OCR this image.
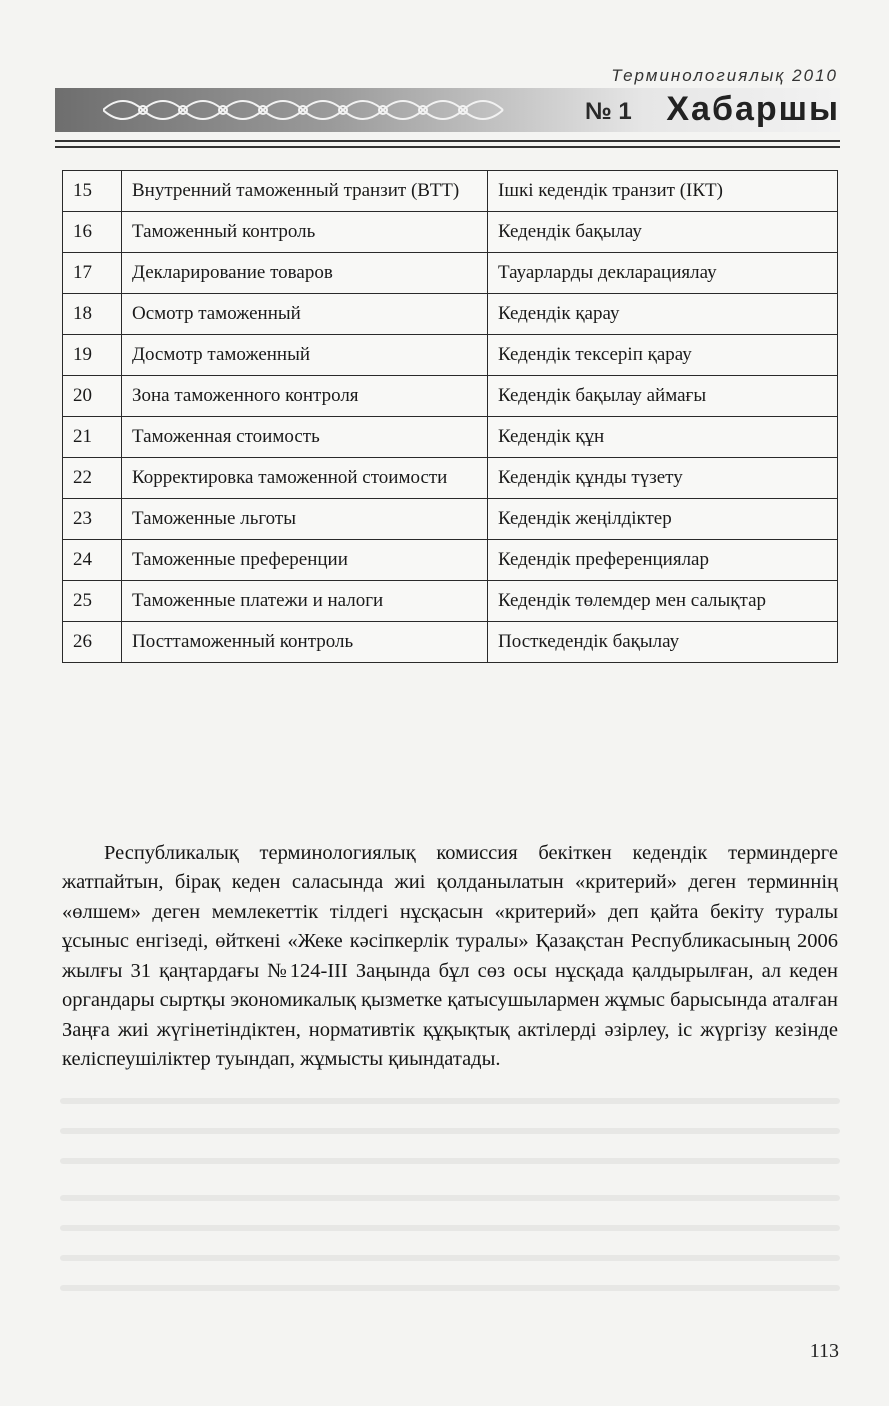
Терминологиялық 2010
№ 1 Хабаршы
15	Внутренний таможенный транзит (ВТТ)	Ішкі кедендік транзит (ІКТ)
16	Таможенный контроль	Кедендік бақылау
17	Декларирование товаров	Тауарларды декларациялау
18	Осмотр таможенный	Кедендік қарау
19	Досмотр таможенный	Кедендік тексеріп қарау
20	Зона таможенного контроля	Кедендік бақылау аймағы
21	Таможенная стоимость	Кедендік құн
22	Корректировка таможенной стоимости	Кедендік құнды түзету
23	Таможенные льготы	Кедендік жеңілдіктер
24	Таможенные преференции	Кедендік преференциялар
25	Таможенные платежи и налоги	Кедендік төлемдер мен салықтар
26	Посттаможенный контроль	Посткедендік бақылау

Республикалық терминологиялық комиссия бекіткен кедендік терминдерге жатпайтын, бірақ кеден саласында жиі қолданылатын «критерий» деген терминнің «өлшем» деген мемлекеттік тілдегі нұсқасын «критерий» деп қайта бекіту туралы ұсыныс енгізеді, өйткені «Жеке кәсіпкерлік туралы» Қазақстан Республикасының 2006 жылғы 31 қаңтардағы №124-ІІІ Заңында бұл сөз осы нұсқада қалдырылған, ал кеден органдары сыртқы экономикалық қызметке қатысушылармен жұмыс барысында аталған Заңға жиі жүгінетіндіктен, нормативтік құқықтық актілерді әзірлеу, іс жүргізу кезінде келіспеушіліктер туындап, жұмысты қиындатады.

113
